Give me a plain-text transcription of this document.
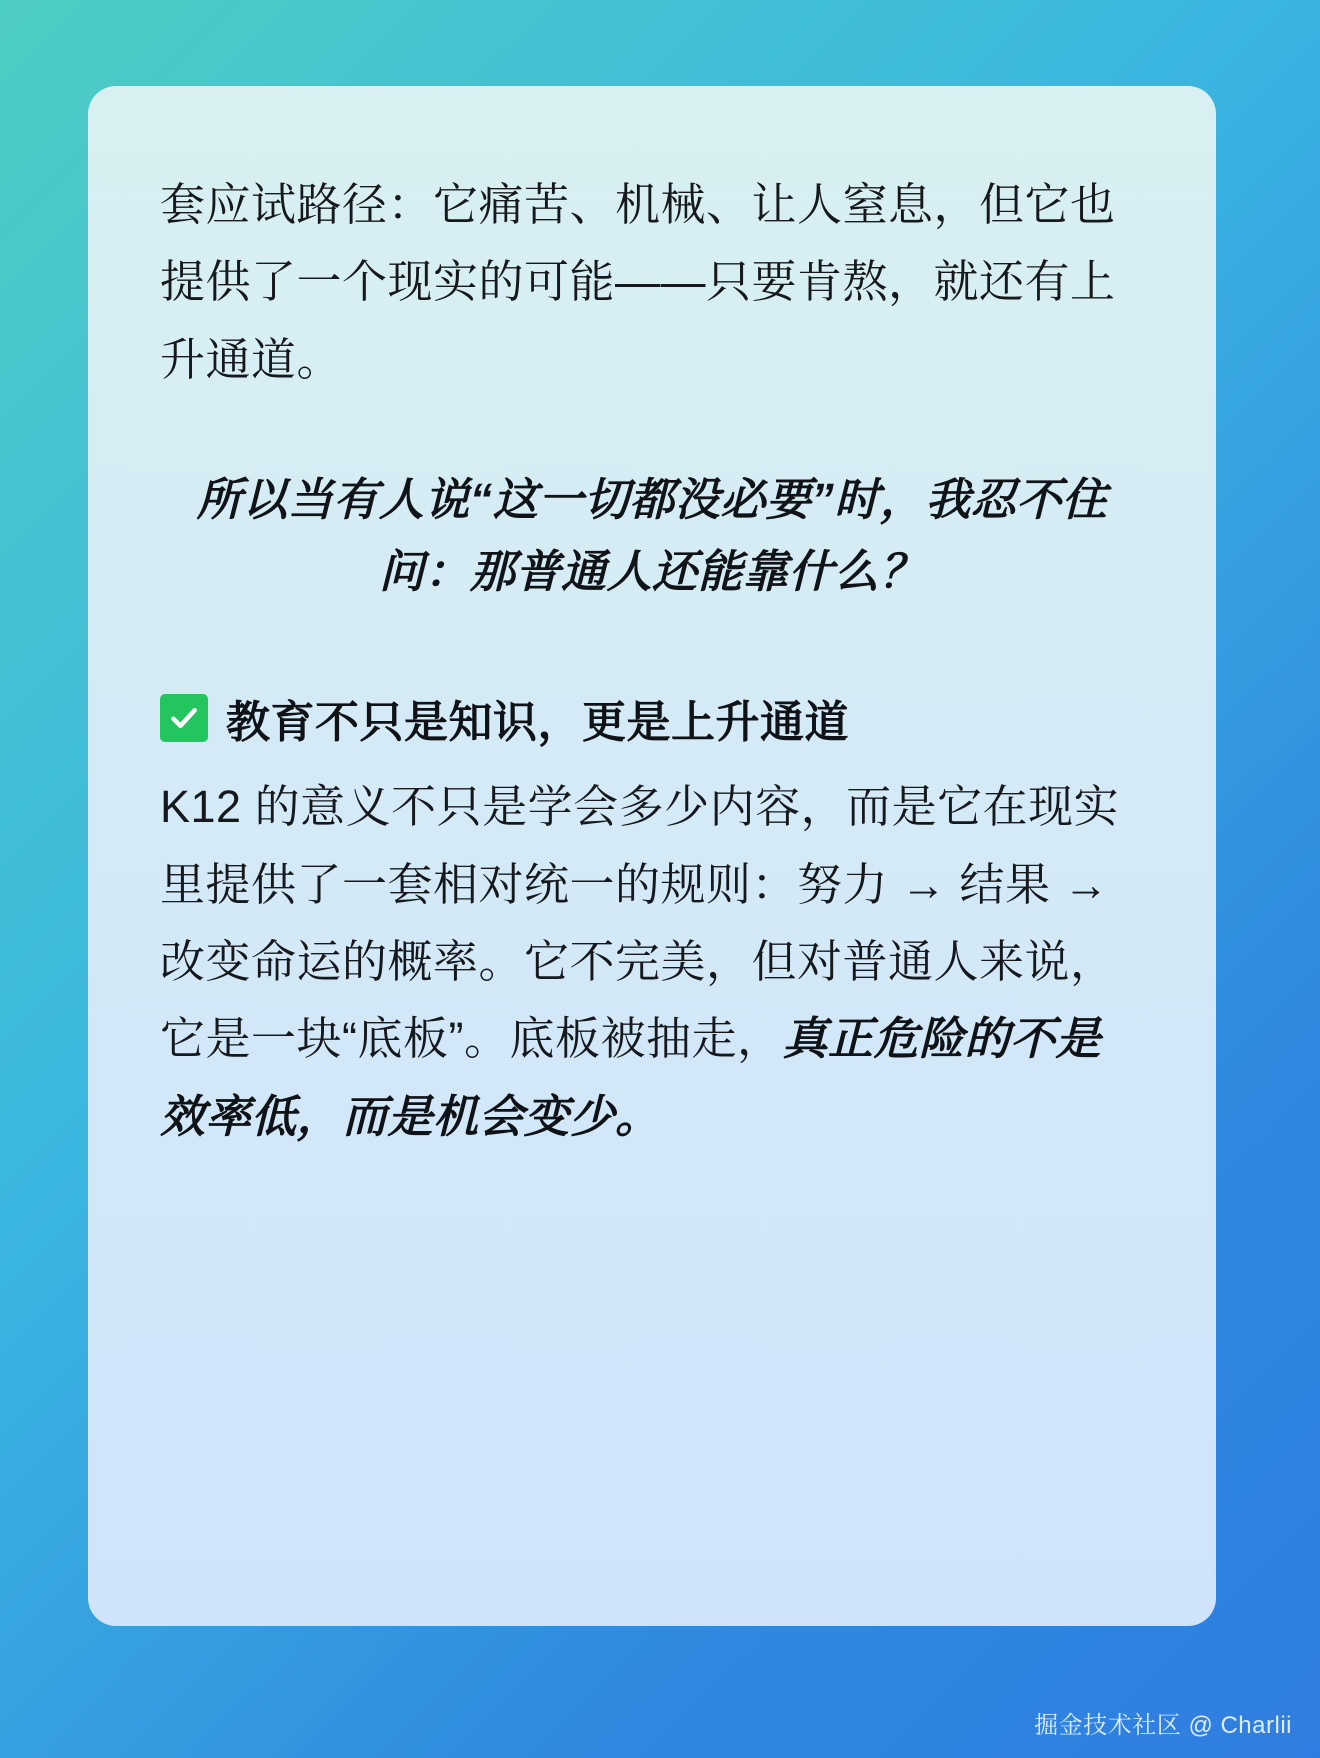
套应试路径：它痛苦、机械、让人窒息，但它也提供了一个现实的可能——只要肯熬，就还有上升通道。
所以当有人说“这一切都没必要”时，我忍不住问：那普通人还能靠什么？
教育不只是知识，更是上升通道
K12 的意义不只是学会多少内容，而是它在现实里提供了一套相对统一的规则：努力 → 结果 → 改变命运的概率。它不完美，但对普通人来说，它是一块“底板”。底板被抽走，真正危险的不是效率低，而是机会变少。
掘金技术社区 @ Charlii
